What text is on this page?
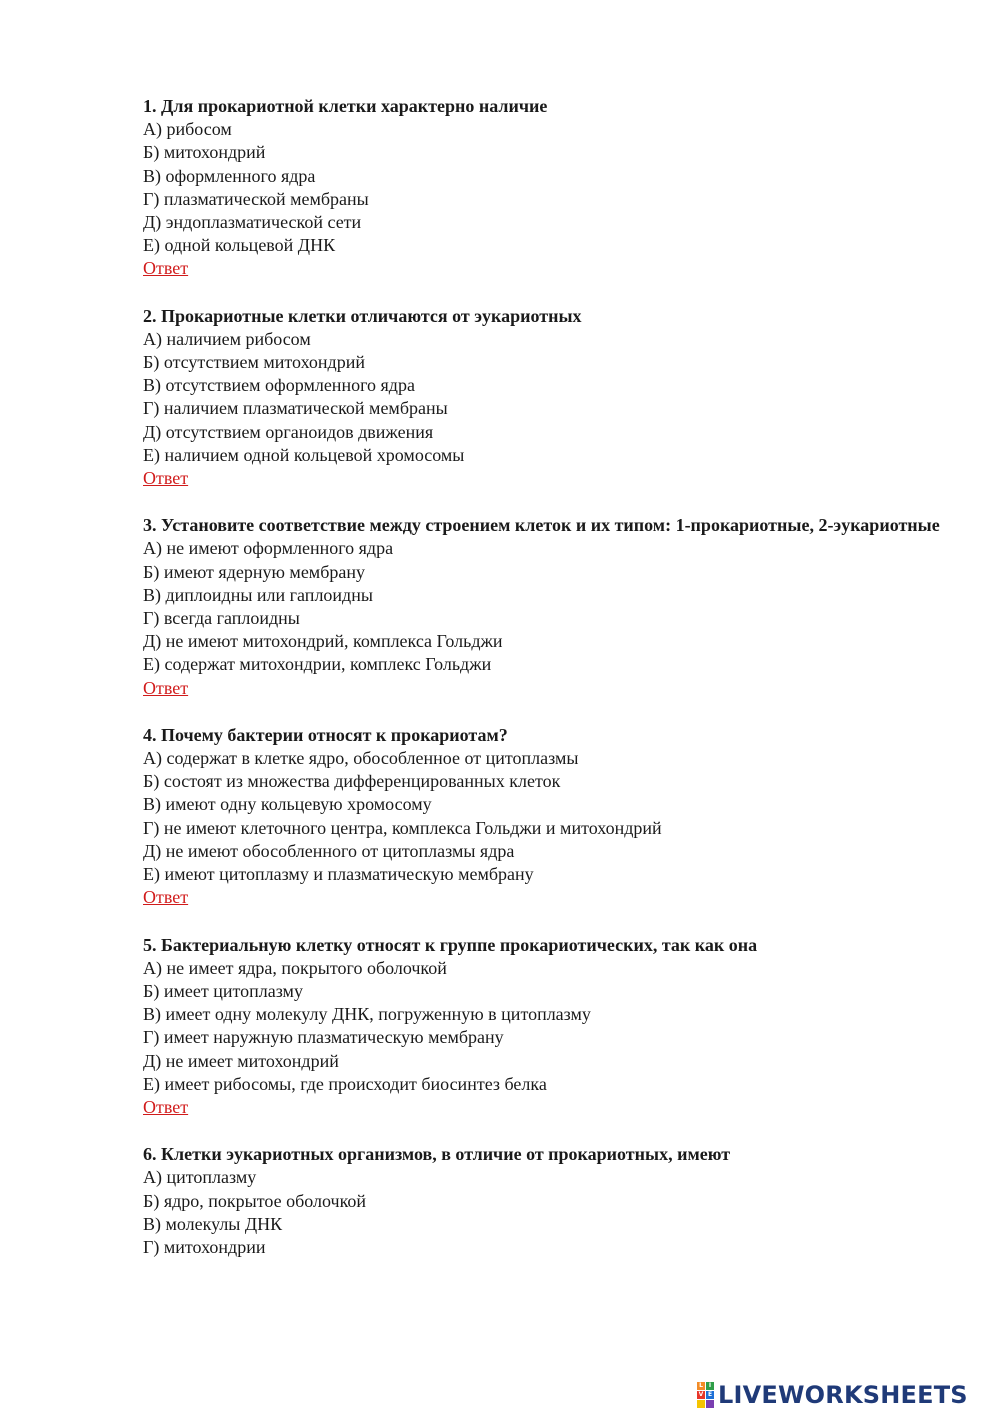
1. Для прокариотной клетки характерно наличие

А) рибосом

Б) митохондрий

В) оформленного ядра

Г) плазматической мембраны

Д) эндоплазматической сети

Е) одной кольцевой ДНК

Ответ

2. Прокариотные клетки отличаются от эукариотных

А) наличием рибосом

Б) отсутствием митохондрий

В) отсутствием оформленного ядра

Г) наличием плазматической мембраны

Д) отсутствием органоидов движения

Е) наличием одной кольцевой хромосомы

Ответ

3. Установите соответствие между строением клеток и их типом: 1-прокариотные, 2-эукариотные

А) не имеют оформленного ядра

Б) имеют ядерную мембрану

В) диплоидны или гаплоидны

Г) всегда гаплоидны

Д) не имеют митохондрий, комплекса Гольджи

Е) содержат митохондрии, комплекс Гольджи

Ответ

4. Почему бактерии относят к прокариотам?

А) содержат в клетке ядро, обособленное от цитоплазмы

Б) состоят из множества дифференцированных клеток

В) имеют одну кольцевую хромосому

Г) не имеют клеточного центра, комплекса Гольджи и митохондрий

Д) не имеют обособленного от цитоплазмы ядра

Е) имеют цитоплазму и плазматическую мембрану

Ответ

5. Бактериальную клетку относят к группе прокариотических, так как она

А) не имеет ядра, покрытого оболочкой

Б) имеет цитоплазму

В) имеет одну молекулу ДНК, погруженную в цитоплазму

Г) имеет наружную плазматическую мембрану

Д) не имеет митохондрий

Е) имеет рибосомы, где происходит биосинтез белка

Ответ

6. Клетки эукариотных организмов, в отличие от прокариотных, имеют

А) цитоплазму

Б) ядро, покрытое оболочкой

В) молекулы ДНК

Г) митохондрии

L I
V E LIVEWORKSHEETS
